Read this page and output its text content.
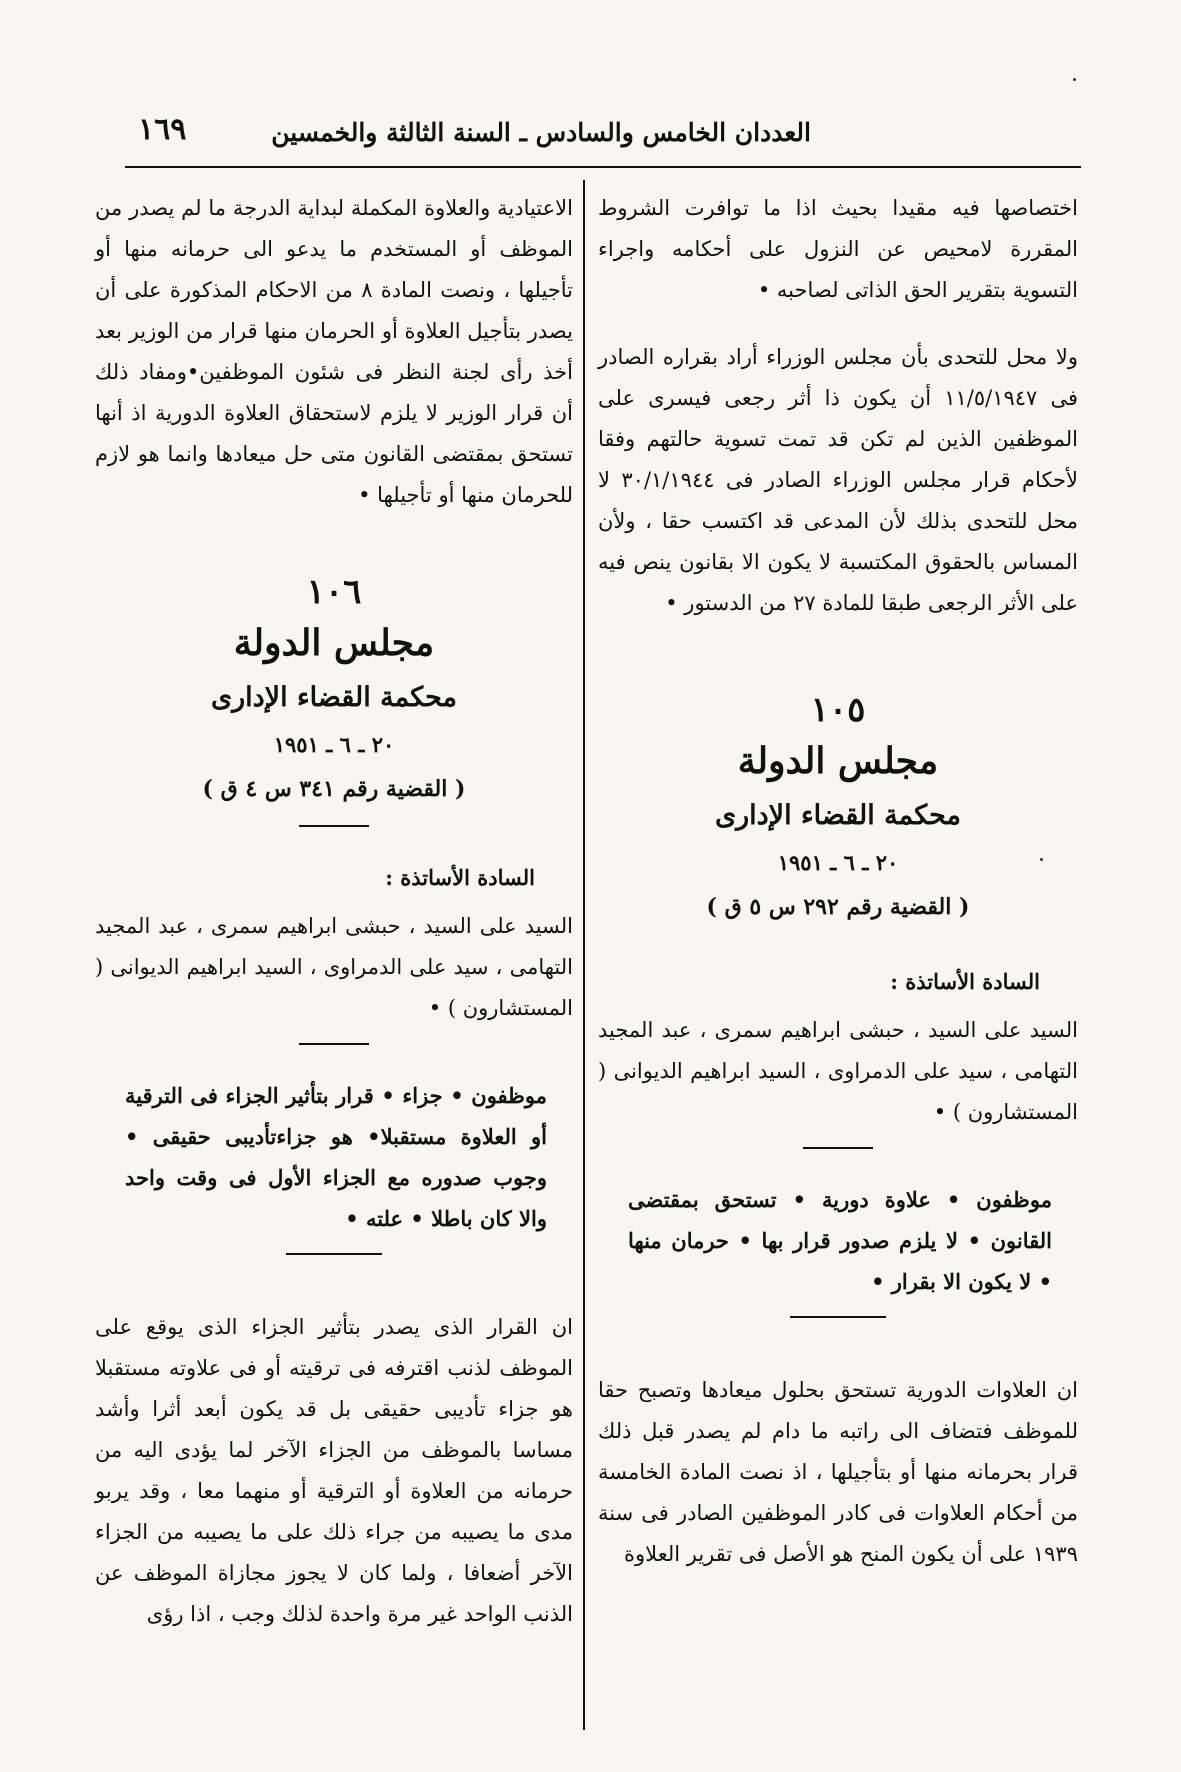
العددان الخامس والسادس ـ السنة الثالثة والخمسين
١٦٩

اختصاصها فيه مقيدا بحيث اذا ما توافرت الشروط المقررة لامحيص عن النزول على أحكامه واجراء التسوية بتقرير الحق الذاتى لصاحبه •

ولا محل للتحدى بأن مجلس الوزراء أراد بقراره الصادر فى ١١/٥/١٩٤٧ أن يكون ذا أثر رجعى فيسرى على الموظفين الذين لم تكن قد تمت تسوية حالتهم وفقا لأحكام قرار مجلس الوزراء الصادر فى ٣٠/١/١٩٤٤ لا محل للتحدى بذلك لأن المدعى قد اكتسب حقا ، ولأن المساس بالحقوق المكتسبة لا يكون الا بقانون ينص فيه على الأثر الرجعى طبقا للمادة ٢٧ من الدستور •

١٠٥

مجلس الدولة

محكمة القضاء الإدارى

٢٠ ـ ٦ ـ ١٩٥١

( القضية رقم ٢٩٢ س ٥ ق )

السادة الأساتذة :

السيد على السيد ، حبشى ابراهيم سمرى ، عبد المجيد التهامى ، سيد على الدمراوى ، السيد ابراهيم الديوانى ( المستشارون ) •

موظفون • علاوة دورية • تستحق بمقتضى القانون • لا يلزم صدور قرار بها • حرمان منها • لا يكون الا بقرار •

ان العلاوات الدورية تستحق بحلول ميعادها وتصبح حقا للموظف فتضاف الى راتبه ما دام لم يصدر قبل ذلك قرار بحرمانه منها أو بتأجيلها ، اذ نصت المادة الخامسة من أحكام العلاوات فى كادر الموظفين الصادر فى سنة ١٩٣٩ على أن يكون المنح هو الأصل فى تقرير العلاوة

الاعتيادية والعلاوة المكملة لبداية الدرجة ما لم يصدر من الموظف أو المستخدم ما يدعو الى حرمانه منها أو تأجيلها ، ونصت المادة ٨ من الاحكام المذكورة على أن يصدر بتأجيل العلاوة أو الحرمان منها قرار من الوزير بعد أخذ رأى لجنة النظر فى شئون الموظفين•ومفاد ذلك أن قرار الوزير لا يلزم لاستحقاق العلاوة الدورية اذ أنها تستحق بمقتضى القانون متى حل ميعادها وانما هو لازم للحرمان منها أو تأجيلها •

١٠٦

مجلس الدولة

محكمة القضاء الإدارى

٢٠ ـ ٦ ـ ١٩٥١

( القضية رقم ٣٤١ س ٤ ق )

السادة الأساتذة :

السيد على السيد ، حبشى ابراهيم سمرى ، عبد المجيد التهامى ، سيد على الدمراوى ، السيد ابراهيم الديوانى ( المستشارون ) •

موظفون • جزاء • قرار بتأثير الجزاء فى الترقية أو العلاوة مستقبلا• هو جزاءتأديبى حقيقى • وجوب صدوره مع الجزاء الأول فى وقت واحد والا كان باطلا • علته •

ان القرار الذى يصدر بتأثير الجزاء الذى يوقع على الموظف لذنب اقترفه فى ترقيته أو فى علاوته مستقبلا هو جزاء تأديبى حقيقى بل قد يكون أبعد أثرا وأشد مساسا بالموظف من الجزاء الآخر لما يؤدى اليه من حرمانه من العلاوة أو الترقية أو منهما معا ، وقد يربو مدى ما يصيبه من جراء ذلك على ما يصيبه من الجزاء الآخر أضعافا ، ولما كان لا يجوز مجازاة الموظف عن الذنب الواحد غير مرة واحدة لذلك وجب ، اذا رؤى
